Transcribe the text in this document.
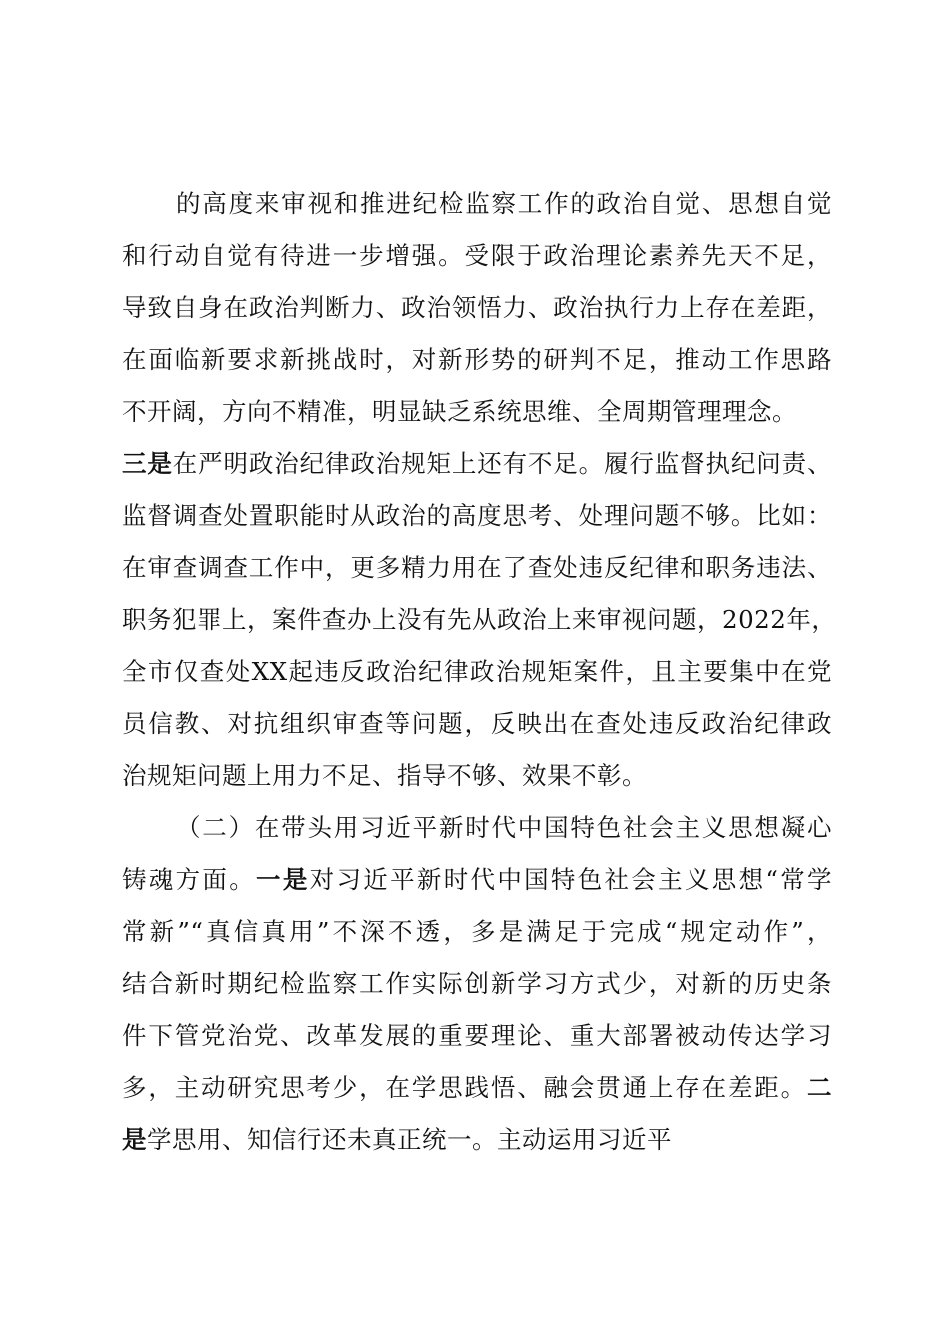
的高度来审视和推进纪检监察工作的政治自觉、思想自觉
和行动自觉有待进一步增强。受限于政治理论素养先天不足，
导致自身在政治判断力、政治领悟力、政治执行力上存在差距，
在面临新要求新挑战时，对新形势的研判不足，推动工作思路
不开阔，方向不精准，明显缺乏系统思维、全周期管理理念。
三是在严明政治纪律政治规矩上还有不足。履行监督执纪问责、
监督调查处置职能时从政治的高度思考、处理问题不够。比如：
在审查调查工作中，更多精力用在了查处违反纪律和职务违法、
职务犯罪上，案件查办上没有先从政治上来审视问题，2022年，
全市仅查处XX起违反政治纪律政治规矩案件，且主要集中在党
员信教、对抗组织审查等问题，反映出在查处违反政治纪律政
治规矩问题上用力不足、指导不够、效果不彰。
（二）在带头用习近平新时代中国特色社会主义思想凝心
铸魂方面。一是对习近平新时代中国特色社会主义思想“常学
常新”“真信真用”不深不透，多是满足于完成“规定动作”，
结合新时期纪检监察工作实际创新学习方式少，对新的历史条
件下管党治党、改革发展的重要理论、重大部署被动传达学习
多，主动研究思考少，在学思践悟、融会贯通上存在差距。二
是学思用、知信行还未真正统一。主动运用习近平
